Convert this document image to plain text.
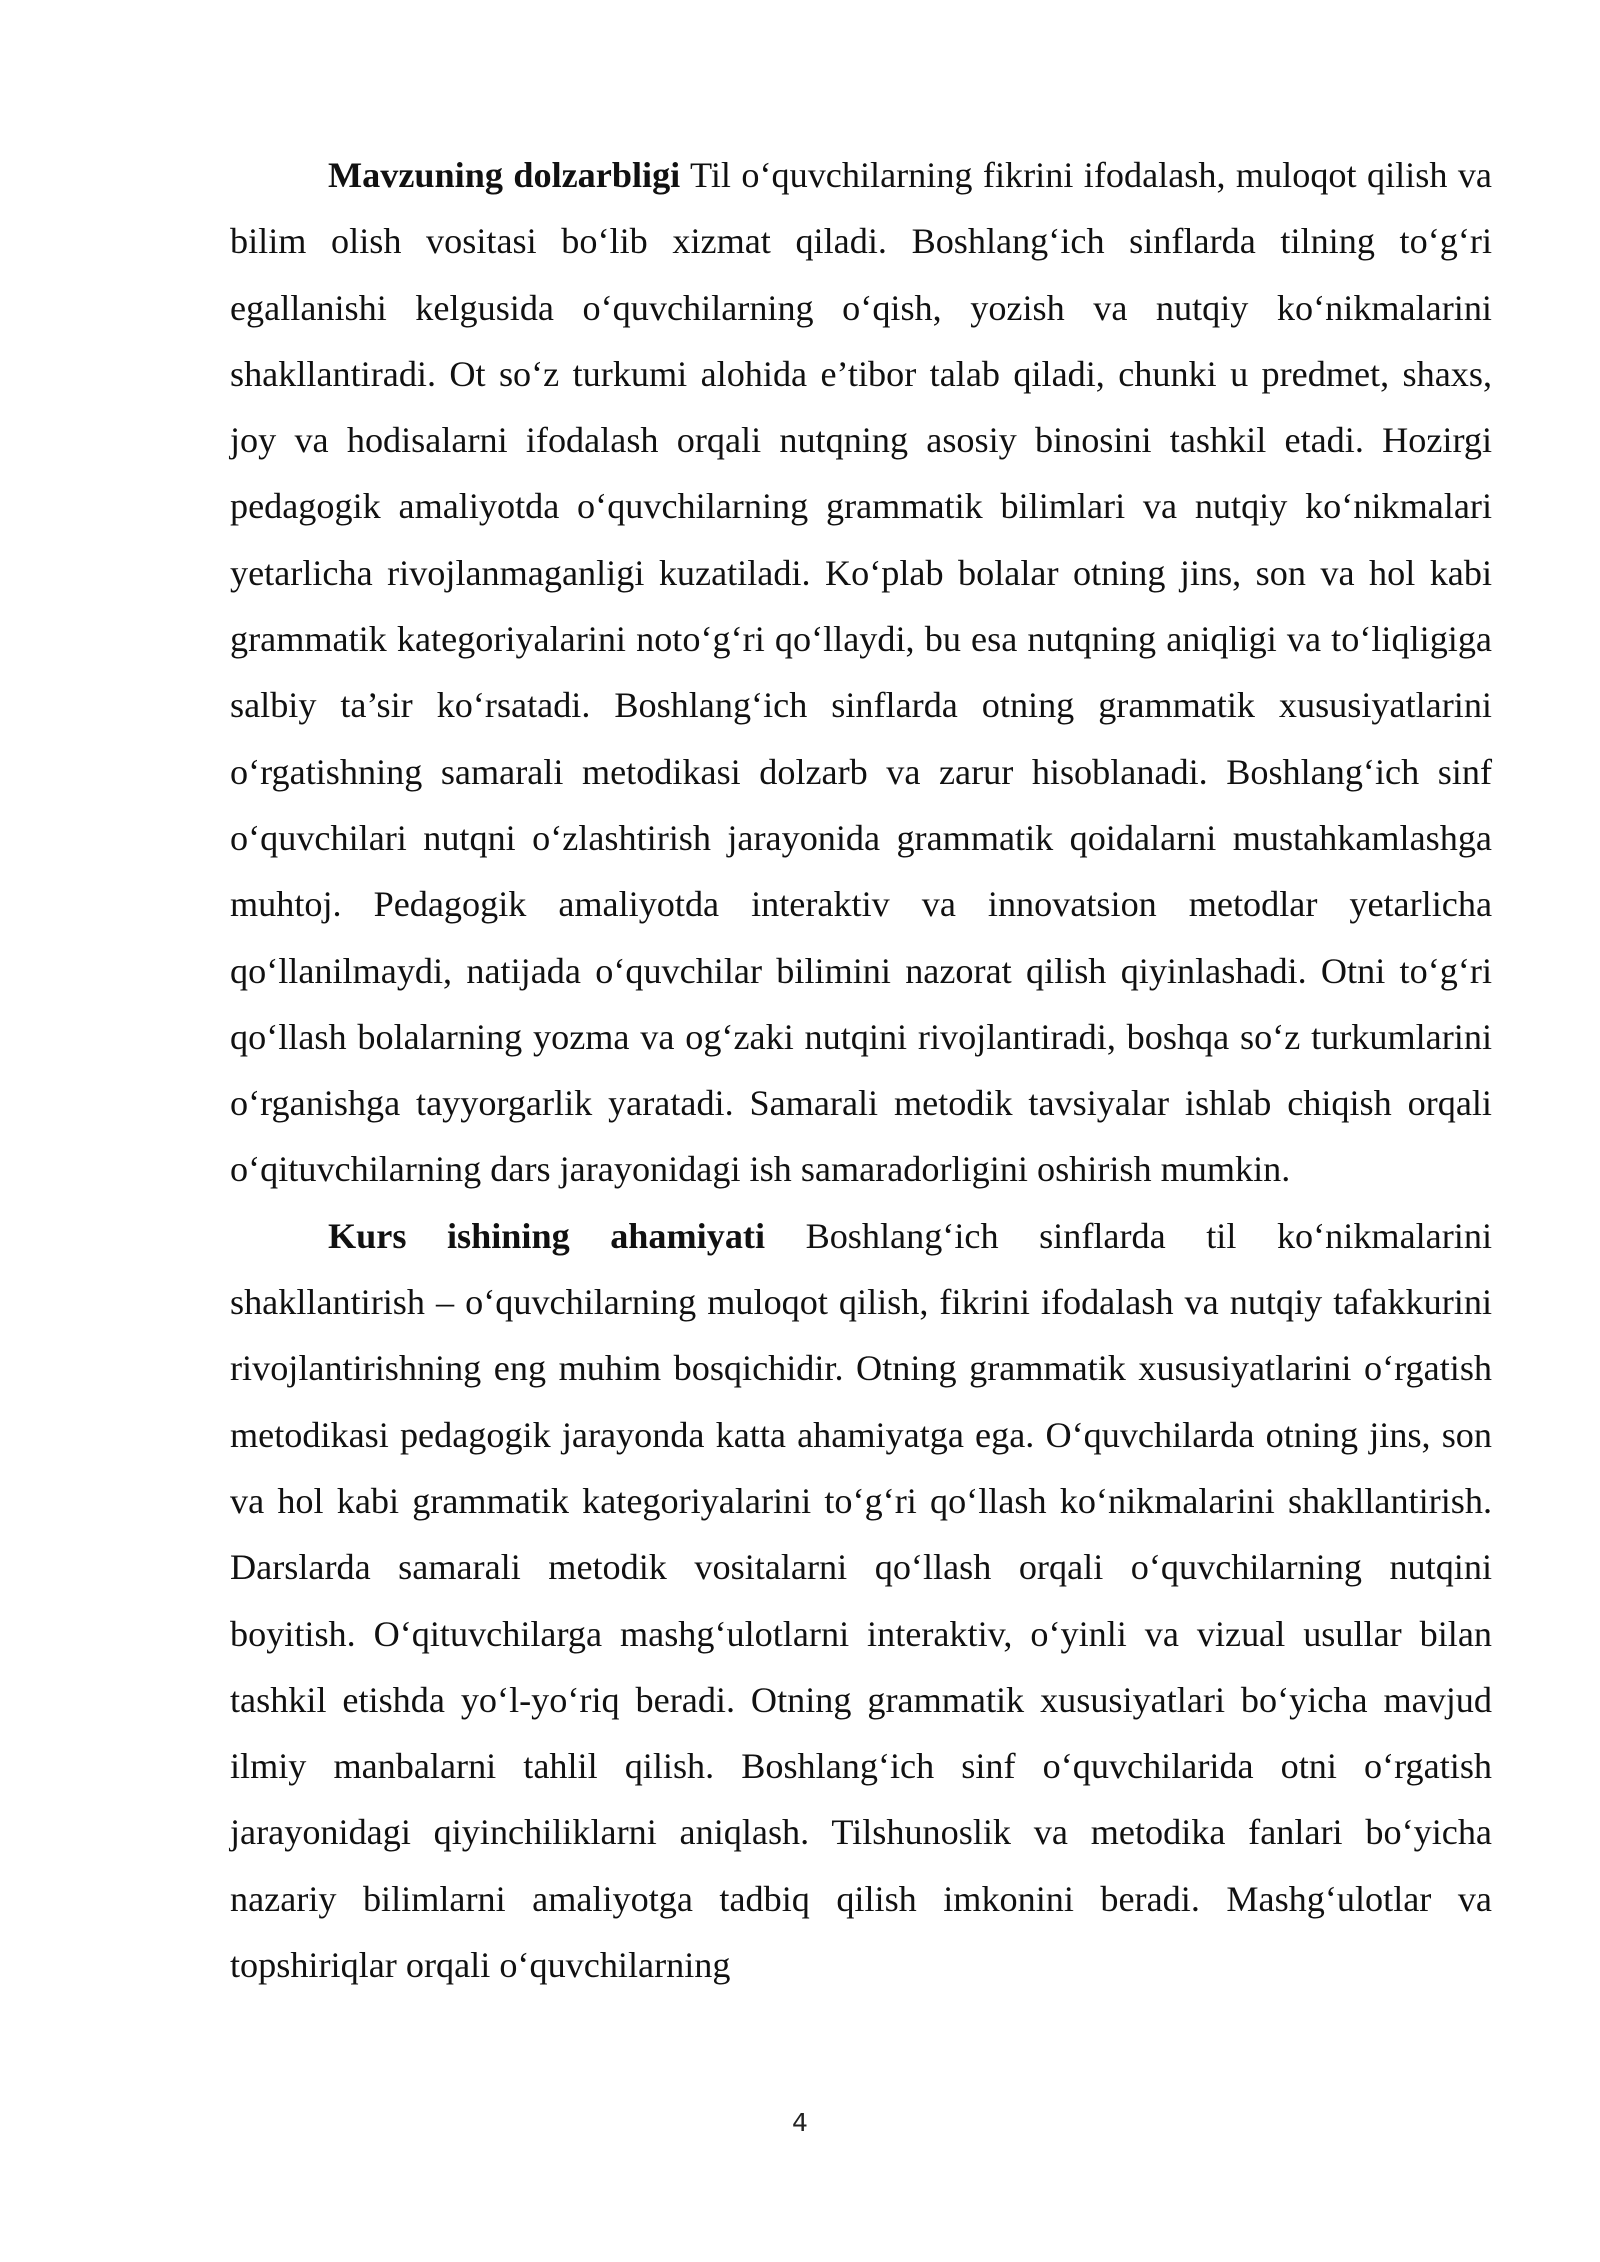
Mavzuning dolzarbligi Til o‘quvchilarning fikrini ifodalash, muloqot qilish va bilim olish vositasi bo‘lib xizmat qiladi. Boshlang‘ich sinflarda tilning to‘g‘ri egallanishi kelgusida o‘quvchilarning o‘qish, yozish va nutqiy ko‘nikmalarini shakllantiradi. Ot so‘z turkumi alohida e’tibor talab qiladi, chunki u predmet, shaxs, joy va hodisalarni ifodalash orqali nutqning asosiy binosini tashkil etadi. Hozirgi pedagogik amaliyotda o‘quvchilarning grammatik bilimlari va nutqiy ko‘nikmalari yetarlicha rivojlanmaganligi kuzatiladi. Ko‘plab bolalar otning jins, son va hol kabi grammatik kategoriyalarini noto‘g‘ri qo‘llaydi, bu esa nutqning aniqligi va to‘liqligiga salbiy ta’sir ko‘rsatadi. Boshlang‘ich sinflarda otning grammatik xususiyatlarini o‘rgatishning samarali metodikasi dolzarb va zarur hisoblanadi. Boshlang‘ich sinf o‘quvchilari nutqni o‘zlashtirish jarayonida grammatik qoidalarni mustahkamlashga muhtoj. Pedagogik amaliyotda interaktiv va innovatsion metodlar yetarlicha qo‘llanilmaydi, natijada o‘quvchilar bilimini nazorat qilish qiyinlashadi. Otni to‘g‘ri qo‘llash bolalarning yozma va og‘zaki nutqini rivojlantiradi, boshqa so‘z turkumlarini o‘rganishga tayyorgarlik yaratadi. Samarali metodik tavsiyalar ishlab chiqish orqali o‘qituvchilarning dars jarayonidagi ish samaradorligini oshirish mumkin.

Kurs ishining ahamiyati Boshlang‘ich sinflarda til ko‘nikmalarini shakllantirish – o‘quvchilarning muloqot qilish, fikrini ifodalash va nutqiy tafakkurini rivojlantirishning eng muhim bosqichidir. Otning grammatik xususiyatlarini o‘rgatish metodikasi pedagogik jarayonda katta ahamiyatga ega. O‘quvchilarda otning jins, son va hol kabi grammatik kategoriyalarini to‘g‘ri qo‘llash ko‘nikmalarini shakllantirish. Darslarda samarali metodik vositalarni qo‘llash orqali o‘quvchilarning nutqini boyitish. O‘qituvchilarga mashg‘ulotlarni interaktiv, o‘yinli va vizual usullar bilan tashkil etishda yo‘l-yo‘riq beradi. Otning grammatik xususiyatlari bo‘yicha mavjud ilmiy manbalarni tahlil qilish. Boshlang‘ich sinf o‘quvchilarida otni o‘rgatish jarayonidagi qiyinchiliklarni aniqlash. Tilshunoslik va metodika fanlari bo‘yicha nazariy bilimlarni amaliyotga tadbiq qilish imkonini beradi. Mashg‘ulotlar va topshiriqlar orqali o‘quvchilarning

4
